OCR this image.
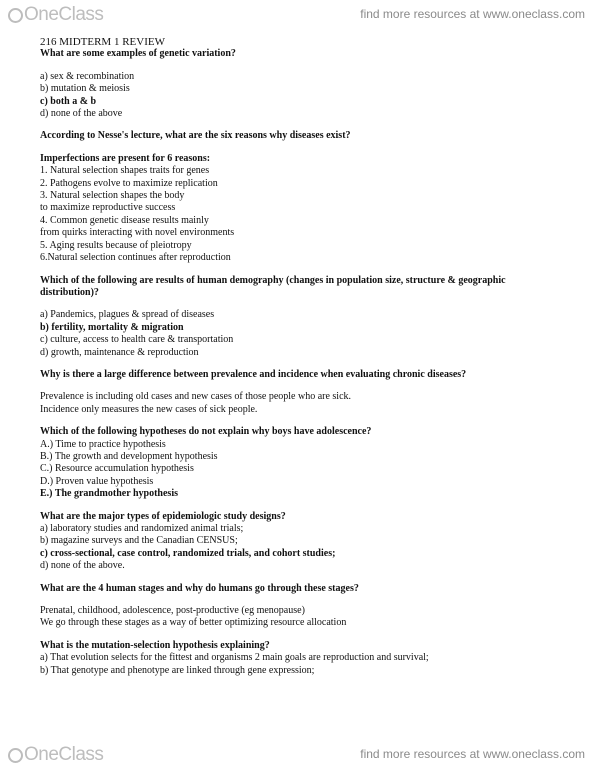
OneClass	find more resources at www.oneclass.com

216 MIDTERM 1 REVIEW

What are some examples of genetic variation?

a) sex & recombination

b) mutation & meiosis

c) both a & b

d) none of the above

According to Nesse's lecture, what are the six reasons why diseases exist?

Imperfections are present for 6 reasons:

1. Natural selection shapes traits for genes

2. Pathogens evolve to maximize replication

3. Natural selection shapes the body

to maximize reproductive success

4. Common genetic disease results mainly

from quirks interacting with novel environments

5. Aging results because of pleiotropy

6.Natural selection continues after reproduction

Which of the following are results of human demography (changes in population size, structure & geographic

distribution)?

a) Pandemics, plagues & spread of diseases

b) fertility, mortality & migration

c) culture, access to health care & transportation

d) growth, maintenance & reproduction

Why is there a large difference between prevalence and incidence when evaluating chronic diseases?

Prevalence is including old cases and new cases of those people who are sick.

Incidence only measures the new cases of sick people.

Which of the following hypotheses do not explain why boys have adolescence?

A.) Time to practice hypothesis

B.) The growth and development hypothesis

C.) Resource accumulation hypothesis

D.) Proven value hypothesis

E.) The grandmother hypothesis

What are the major types of epidemiologic study designs?

a) laboratory studies and randomized animal trials;

b) magazine surveys and the Canadian CENSUS;

c) cross-sectional, case control, randomized trials, and cohort studies;

d) none of the above.

What are the 4 human stages and why do humans go through these stages?

Prenatal, childhood, adolescence, post-productive (eg menopause)

We go through these stages as a way of better optimizing resource allocation

What is the mutation-selection hypothesis explaining?

a) That evolution selects for the fittest and organisms 2 main goals are reproduction and survival;

b) That genotype and phenotype are linked through gene expression;

OneClass	find more resources at www.oneclass.com
